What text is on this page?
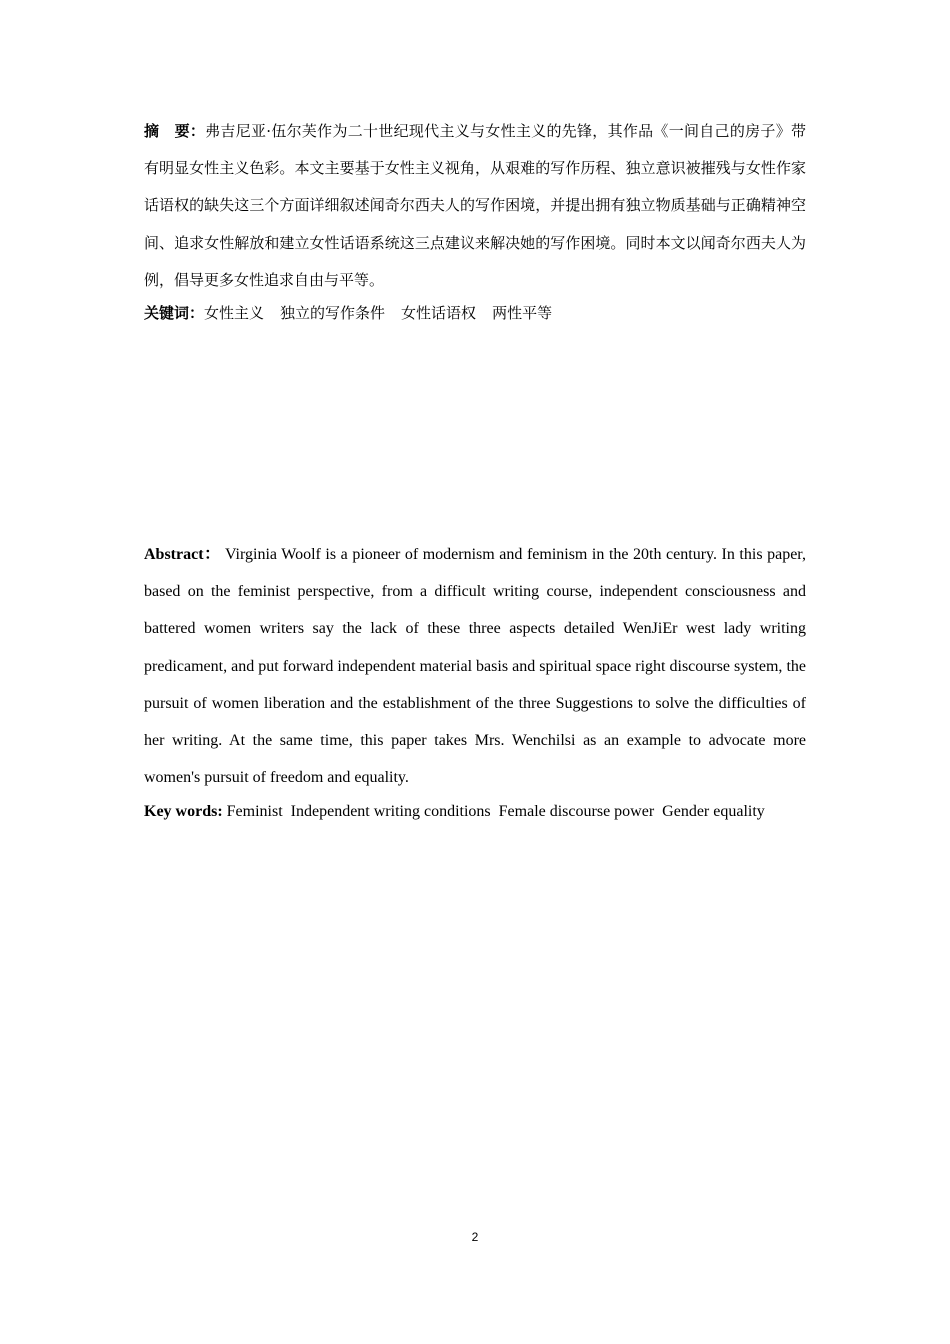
摘　要：弗吉尼亚·伍尔芙作为二十世纪现代主义与女性主义的先锋，其作品《一间自己的房子》带有明显女性主义色彩。本文主要基于女性主义视角，从艰难的写作历程、独立意识被摧残与女性作家话语权的缺失这三个方面详细叙述闻奇尔西夫人的写作困境，并提出拥有独立物质基础与正确精神空间、追求女性解放和建立女性话语系统这三点建议来解决她的写作困境。同时本文以闻奇尔西夫人为例，倡导更多女性追求自由与平等。

关键词：女性主义 独立的写作条件 女性话语权 两性平等

Abstract： Virginia Woolf is a pioneer of modernism and feminism in the 20th century. In this paper, based on the feminist perspective, from a difficult writing course, independent consciousness and battered women writers say the lack of these three aspects detailed WenJiEr west lady writing predicament, and put forward independent material basis and spiritual space right discourse system, the pursuit of women liberation and the establishment of the three Suggestions to solve the difficulties of her writing. At the same time, this paper takes Mrs. Wenchilsi as an example to advocate more women's pursuit of freedom and equality.

Key words: Feminist Independent writing conditions Female discourse power Gender equality

2
